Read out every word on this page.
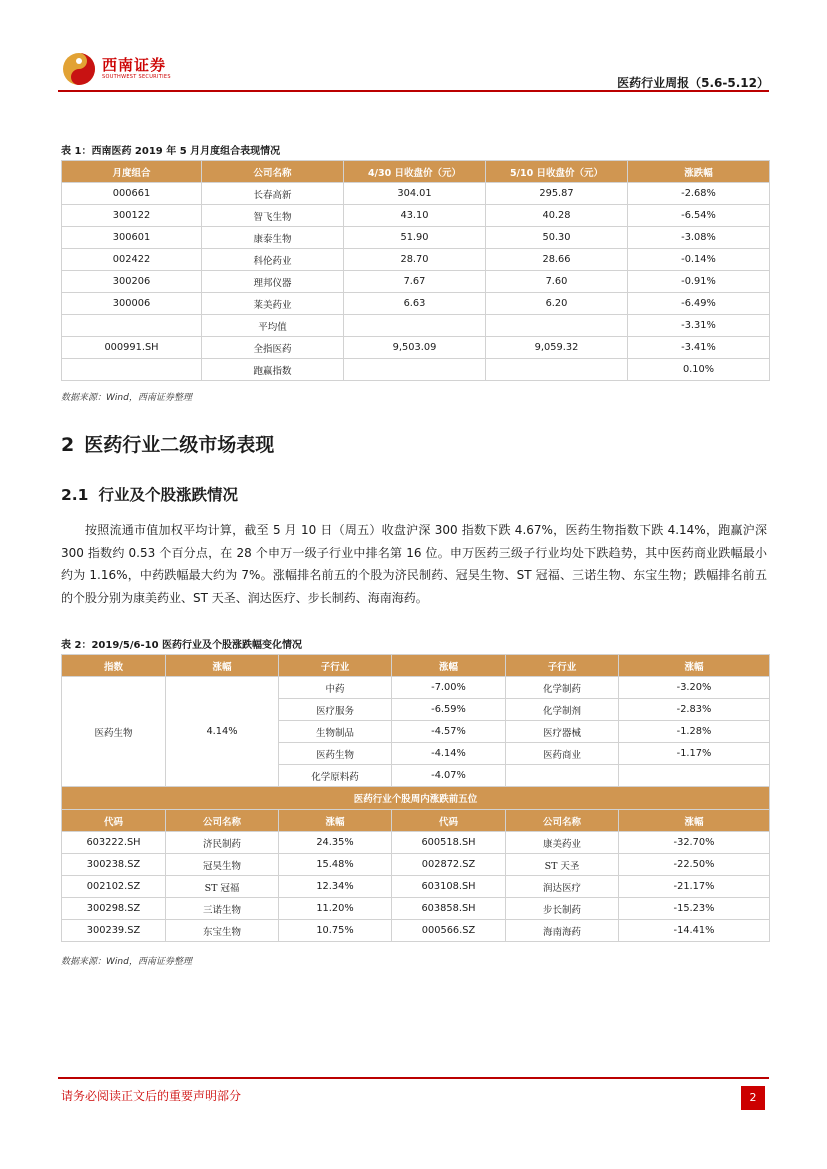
西南证券
SOUTHWEST SECURITIES	医药行业周报（5.6-5.12）
表 1：西南医药 2019 年 5 月月度组合表现情况
月度组合	公司名称	4/30 日收盘价（元）	5/10 日收盘价（元）	涨跌幅
000661	长春高新	304.01	295.87	-2.68%
300122	智飞生物	43.10	40.28	-6.54%
300601	康泰生物	51.90	50.30	-3.08%
002422	科伦药业	28.70	28.66	-0.14%
300206	理邦仪器	7.67	7.60	-0.91%
300006	莱美药业	6.63	6.20	-6.49%
	平均值			-3.31%
000991.SH	全指医药	9,503.09	9,059.32	-3.41%
	跑赢指数			0.10%
数据来源：Wind，西南证券整理
2 医药行业二级市场表现
2.1 行业及个股涨跌情况

按照流通市值加权平均计算，截至 5 月 10 日（周五）收盘沪深 300 指数下跌 4.67%，医药生物指数下跌 4.14%，跑赢沪深 300 指数约 0.53 个百分点，在 28 个申万一级子行业中排名第 16 位。申万医药三级子行业均处下跌趋势，其中医药商业跌幅最小约为 1.16%，中药跌幅最大约为 7%。涨幅排名前五的个股为济民制药、冠昊生物、ST 冠福、三诺生物、东宝生物；跌幅排名前五的个股分别为康美药业、ST 天圣、润达医疗、步长制药、海南海药。

表 2：2019/5/6-10 医药行业及个股涨跌幅变化情况
指数	涨幅	子行业	涨幅	子行业	涨幅
医药生物	4.14%	中药	-7.00%	化学制药	-3.20%
		医疗服务	-6.59%	化学制剂	-2.83%
		生物制品	-4.57%	医疗器械	-1.28%
		医药生物	-4.14%	医药商业	-1.17%
		化学原料药	-4.07%		
医药行业个股周内涨跌前五位					
代码	公司名称	涨幅	代码	公司名称	涨幅
603222.SH	济民制药	24.35%	600518.SH	康美药业	-32.70%
300238.SZ	冠昊生物	15.48%	002872.SZ	ST 天圣	-22.50%
002102.SZ	ST 冠福	12.34%	603108.SH	润达医疗	-21.17%
300298.SZ	三诺生物	11.20%	603858.SH	步长制药	-15.23%
300239.SZ	东宝生物	10.75%	000566.SZ	海南海药	-14.41%
数据来源：Wind，西南证券整理
请务必阅读正文后的重要声明部分	2
